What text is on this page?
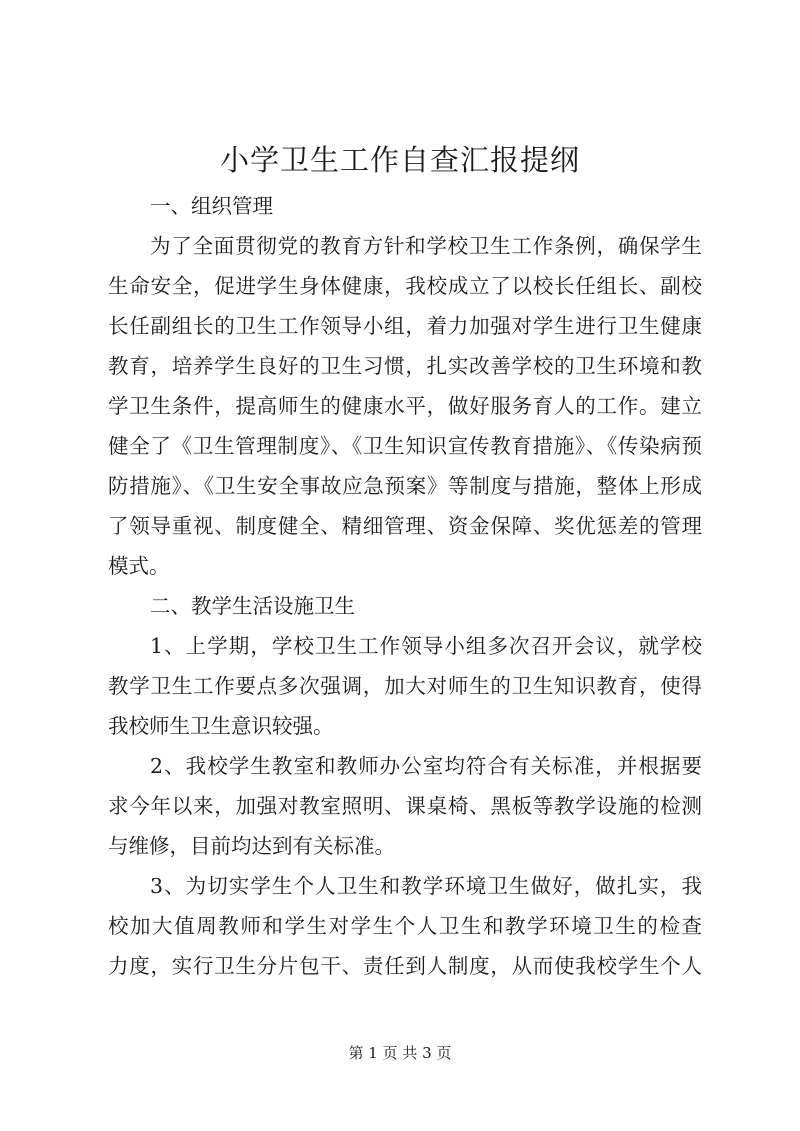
小学卫生工作自查汇报提纲
一、组织管理
为了全面贯彻党的教育方针和学校卫生工作条例，确保学生
生命安全，促进学生身体健康，我校成立了以校长任组长、副校
长任副组长的卫生工作领导小组，着力加强对学生进行卫生健康
教育，培养学生良好的卫生习惯，扎实改善学校的卫生环境和教
学卫生条件，提高师生的健康水平，做好服务育人的工作。建立
健全了《卫生管理制度》、《卫生知识宣传教育措施》、《传染病预
防措施》、《卫生安全事故应急预案》等制度与措施，整体上形成
了领导重视、制度健全、精细管理、资金保障、奖优惩差的管理
模式。
二、教学生活设施卫生
1、上学期，学校卫生工作领导小组多次召开会议，就学校
教学卫生工作要点多次强调，加大对师生的卫生知识教育，使得
我校师生卫生意识较强。
2、我校学生教室和教师办公室均符合有关标准，并根据要
求今年以来，加强对教室照明、课桌椅、黑板等教学设施的检测
与维修，目前均达到有关标准。
3、为切实学生个人卫生和教学环境卫生做好，做扎实，我
校加大值周教师和学生对学生个人卫生和教学环境卫生的检查
力度，实行卫生分片包干、责任到人制度，从而使我校学生个人
第 1 页 共 3 页
